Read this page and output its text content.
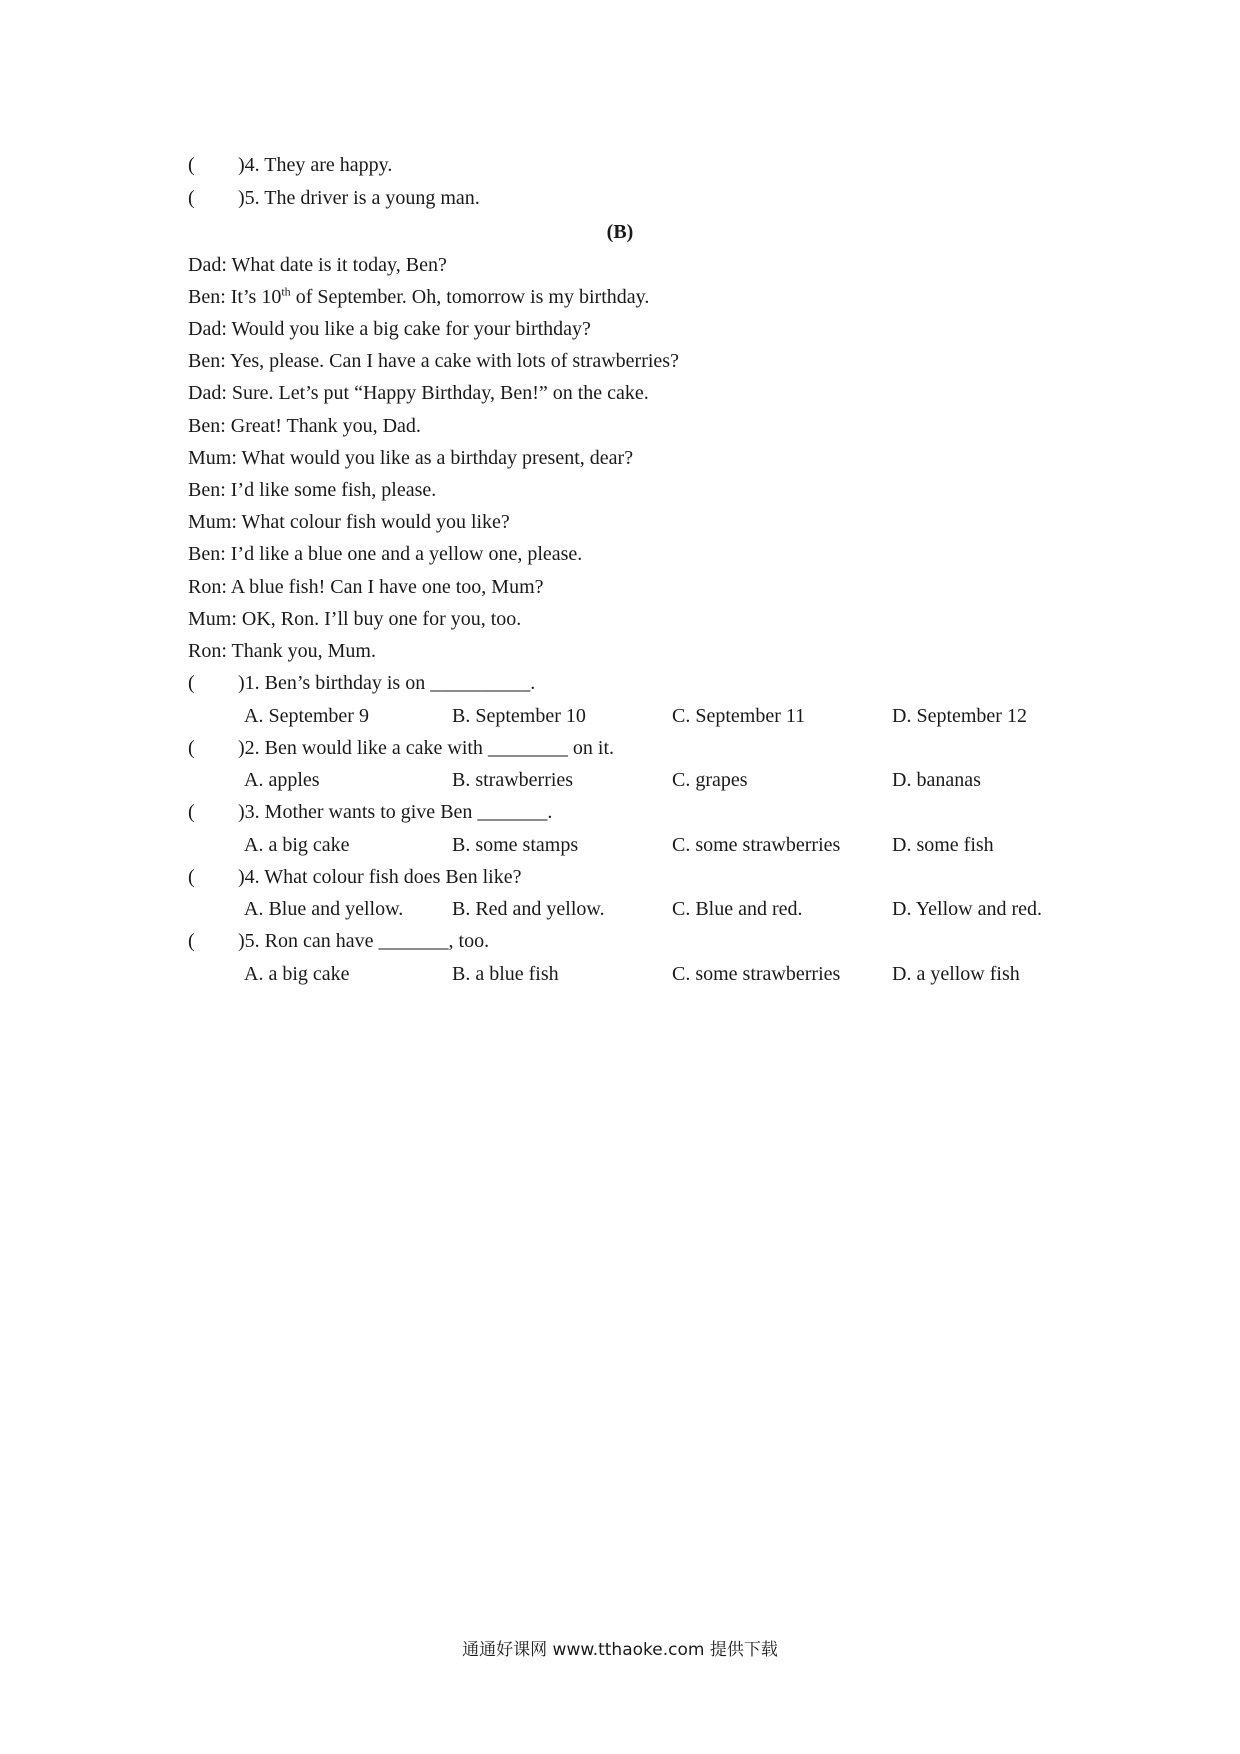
( )4. They are happy.
( )5. The driver is a young man.
(B)
Dad: What date is it today, Ben?
Ben: It’s 10th of September. Oh, tomorrow is my birthday.
Dad: Would you like a big cake for your birthday?
Ben: Yes, please. Can I have a cake with lots of strawberries?
Dad: Sure. Let’s put “Happy Birthday, Ben!” on the cake.
Ben: Great! Thank you, Dad.
Mum: What would you like as a birthday present, dear?
Ben: I’d like some fish, please.
Mum: What colour fish would you like?
Ben: I’d like a blue one and a yellow one, please.
Ron: A blue fish! Can I have one too, Mum?
Mum: OK, Ron. I’ll buy one for you, too.
Ron: Thank you, Mum.
( )1. Ben’s birthday is on __________.
A. September 9	B. September 10	C. September 11	D. September 12
( )2. Ben would like a cake with ________ on it.
A. apples	B. strawberries	C. grapes	D. bananas
( )3. Mother wants to give Ben _______.
A. a big cake	B. some stamps	C. some strawberries	D. some fish
( )4. What colour fish does Ben like?
A. Blue and yellow. B. Red and yellow.	C. Blue and red.	D. Yellow and red.
( )5. Ron can have _______, too.
A. a big cake	B. a blue fish	C. some strawberries	D. a yellow fish
通通好课网 www.tthaoke.com 提供下载
